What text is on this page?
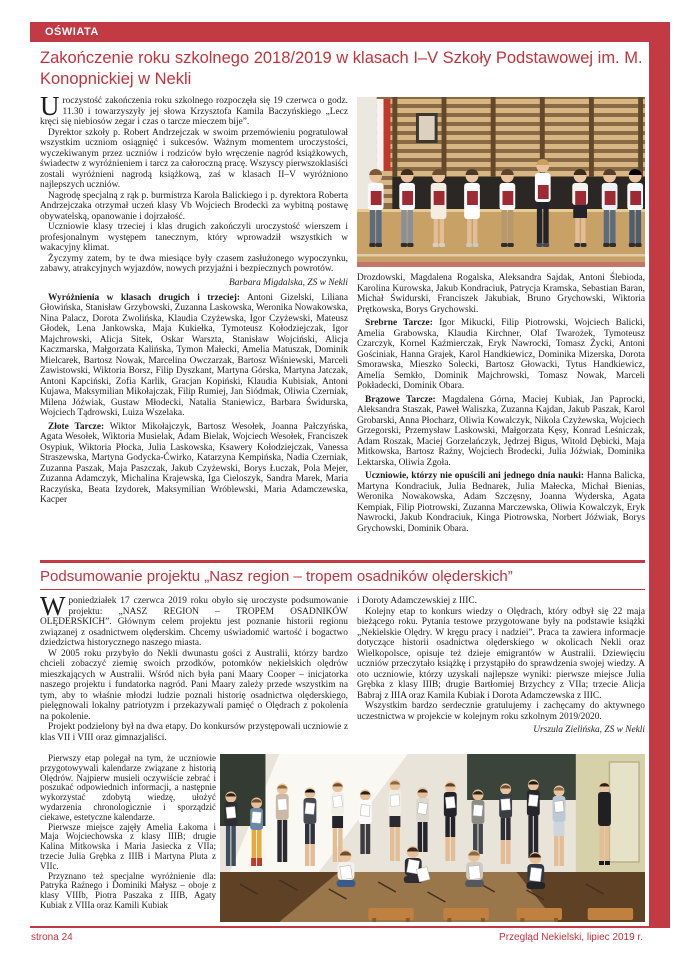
OŚWIATA
Zakończenie roku szkolnego 2018/2019 w klasach I–V Szkoły Podstawowej im. M. Konopnickiej w Nekli

Uroczystość zakończenia roku szkolnego rozpoczęła się 19 czerwca o godz. 11.30 i towarzyszyły jej słowa Krzysztofa Kamila Baczyńskiego „Lecz kręci się niebiosów zegar i czas o tarcze mieczem bije”.

Dyrektor szkoły p. Robert Andrzejczak w swoim przemówieniu pogratulował wszystkim uczniom osiągnięć i sukcesów. Ważnym momentem uroczystości, wyczekiwanym przez uczniów i rodziców było wręczenie nagród książkowych, świadectw z wyróżnieniem i tarcz za całoroczną pracę. Wszyscy pierwszoklasiści zostali wyróżnieni nagrodą książkową, zaś w klasach II–V wyróżniono najlepszych uczniów.

Nagrodę specjalną z rąk p. burmistrza Karola Balickiego i p. dyrektora Roberta Andrzejczaka otrzymał uczeń klasy Vb Wojciech Brodecki za wybitną postawę obywatelską, opanowanie i dojrzałość.

Uczniowie klasy trzeciej i klas drugich zakończyli uroczystość wierszem i profesjonalnym występem tanecznym, który wprowadził wszystkich w wakacyjny klimat.

Życzymy zatem, by te dwa miesiące były czasem zasłużonego wypoczynku, zabawy, atrakcyjnych wyjazdów, nowych przyjaźni i bezpiecznych powrotów.

Barbara Migdalska, ZS w Nekli

Wyróżnienia w klasach drugich i trzeciej: Antoni Gizelski, Liliana Głowińska, Stanisław Grzybowski, Zuzanna Laskowska, Weronika Nowakowska, Nina Palacz, Dorota Zwolińska, Klaudia Czyżewska, Igor Czyżewski, Mateusz Głodek, Lena Jankowska, Maja Kukiełka, Tymoteusz Kołodziejczak, Igor Majchrowski, Alicja Sitek, Oskar Warszta, Stanisław Wojciński, Alicja Kaczmarska, Małgorzata Kalińska, Tymon Małecki, Amelia Matuszak, Dominik Mielcarek, Bartosz Nowak, Marcelina Owczarzak, Bartosz Wiśniewski, Marceli Zawistowski, Wiktoria Borsz, Filip Dyszkant, Martyna Górska, Martyna Jatczak, Antoni Kapciński, Zofia Karlik, Gracjan Kopiński, Klaudia Kubisiak, Antoni Kujawa, Maksymilian Mikołajczak, Filip Rumiej, Jan Siódmak, Oliwia Czerniak, Milena Jóźwiak, Gustaw Młodecki, Natalia Staniewicz, Barbara Świdurska, Wojciech Tądrowski, Luiza Wszelaka.

Złote Tarcze: Wiktor Mikołajczyk, Bartosz Wesołek, Joanna Pałczyńska, Agata Wesołek, Wiktoria Musielak, Adam Bielak, Wojciech Wesołek, Franciszek Osypiuk, Wiktoria Płocka, Julia Laskowska, Ksawery Kołodziejczak, Vanessa Straszewska, Martyna Godycka-Ćwirko, Katarzyna Kempińska, Nadia Czerniak, Zuzanna Paszak, Maja Paszczak, Jakub Czyżewski, Borys Łuczak, Pola Mejer, Zuzanna Adamczyk, Michalina Krajewska, Iga Cieloszyk, Sandra Marek, Maria Raczyńska, Beata Izydorek, Maksymilian Wróblewski, Maria Adamczewska, Kacper

Drozdowski, Magdalena Rogalska, Aleksandra Sajdak, Antoni Ślebioda, Karolina Kurowska, Jakub Kondraciuk, Patrycja Kramska, Sebastian Baran, Michał Świdurski, Franciszek Jakubiak, Bruno Grychowski, Wiktoria Prętkowska, Borys Grychowski.

Srebrne Tarcze: Igor Mikucki, Filip Piotrowski, Wojciech Balicki, Amelia Grabowska, Klaudia Kirchner, Olaf Twarożek, Tymoteusz Czarczyk, Kornel Kaźmierczak, Eryk Nawrocki, Tomasz Życki, Antoni Gościniak, Hanna Grajek, Karol Handkiewicz, Dominika Mizerska, Dorota Smorawska, Mieszko Solecki, Bartosz Głowacki, Tytus Handkiewicz, Amelia Semkło, Dominik Majchrowski, Tomasz Nowak, Marceli Pokładecki, Dominik Obara.

Brązowe Tarcze: Magdalena Górna, Maciej Kubiak, Jan Paprocki, Aleksandra Staszak, Paweł Waliszka, Zuzanna Kajdan, Jakub Paszak, Karol Grobarski, Anna Płocharz, Oliwia Kowalczyk, Nikola Czyżewska, Wojciech Grzegorski, Przemysław Laskowski, Małgorzata Kęsy, Konrad Leśniczak, Adam Roszak, Maciej Gorzelańczyk, Jędrzej Bigus, Witold Dębicki, Maja Mitkowska, Bartosz Raźny, Wojciech Brodecki, Julia Jóźwiak, Dominika Lektarska, Oliwia Zgoła.

Uczniowie, którzy nie opuścili ani jednego dnia nauki: Hanna Balicka, Martyna Kondraciuk, Julia Bednarek, Julia Małecka, Michał Bienias, Weronika Nowakowska, Adam Szczęsny, Joanna Wyderska, Agata Kempiak, Filip Piotrowski, Zuzanna Marczewska, Oliwia Kowalczyk, Eryk Nawrocki, Jakub Kondraciuk, Kinga Piotrowska, Norbert Jóźwiak, Borys Grychowski, Dominik Obara.

Podsumowanie projektu „Nasz region – tropem osadników olęderskich”

Wponiedziałek 17 czerwca 2019 roku obyło się uroczyste podsumowanie projektu: „NASZ REGION – TROPEM OSADNIKÓW OLĘDERSKICH”. Głównym celem projektu jest poznanie historii regionu związanej z osadnictwem olęderskim. Chcemy uświadomić wartość i bogactwo dziedzictwa historycznego naszego miasta.

W 2005 roku przybyło do Nekli dwunastu gości z Australii, którzy bardzo chcieli zobaczyć ziemię swoich przodków, potomków nekielskich olędrów mieszkających w Australii. Wśród nich była pani Maary Cooper – inicjatorka naszego projektu i fundatorka nagród. Pani Maary zależy przede wszystkim na tym, aby to właśnie młodzi ludzie poznali historię osadnictwa olęderskiego, pielęgnowali lokalny patriotyzm i przekazywali pamięć o Olędrach z pokolenia na pokolenie.

Projekt podzielony był na dwa etapy. Do konkursów przystępowali uczniowie z klas VII i VIII oraz gimnazjaliści.

i Doroty Adamczewskiej z IIIC.

Kolejny etap to konkurs wiedzy o Olędrach, który odbył się 22 maja bieżącego roku. Pytania testowe przygotowane były na podstawie książki „Nekielskie Olędry. W kręgu pracy i nadziei”. Praca ta zawiera informacje dotyczące historii osadnictwa olęderskiego w okolicach Nekli oraz Wielkopolsce, opisuje też dzieje emigrantów w Australii. Dziewięciu uczniów przeczytało książkę i przystąpiło do sprawdzenia swojej wiedzy. A oto uczniowie, którzy uzyskali najlepsze wyniki: pierwsze miejsce Julia Grębka z klasy IIIB; drugie Bartłomiej Brzychcy z VIIa; trzecie Alicja Babraj z IIIA oraz Kamila Kubiak i Dorota Adamczewska z IIIC.

Wszystkim bardzo serdecznie gratulujemy i zachęcamy do aktywnego uczestnictwa w projekcie w kolejnym roku szkolnym 2019/2020.

Urszula Zielińska, ZS w Nekli

Pierwszy etap polegał na tym, że uczniowie przygotowywali kalendarze związane z historią Olędrów. Najpierw musieli oczywiście zebrać i poszukać odpowiednich informacji, a następnie wykorzystać zdobytą wiedzę, ułożyć wydarzenia chronologicznie i sporządzić ciekawe, estetyczne kalendarze.

Pierwsze miejsce zajęły Amelia Łakoma i Maja Wojciechowska z klasy IIIB; drugie Kalina Mitkowska i Maria Jasiecka z VIIa; trzecie Julia Grębka z IIIB i Martyna Pluta z VIIc.

Przyznano też specjalne wyróżnienie dla: Patryka Raźnego i Dominiki Małysz – oboje z klasy VIIIb, Piotra Paszaka z IIIB, Agaty Kubiak z VIIIa oraz Kamili Kubiak

strona 24	Przegląd Nekielski, lipiec 2019 r.
